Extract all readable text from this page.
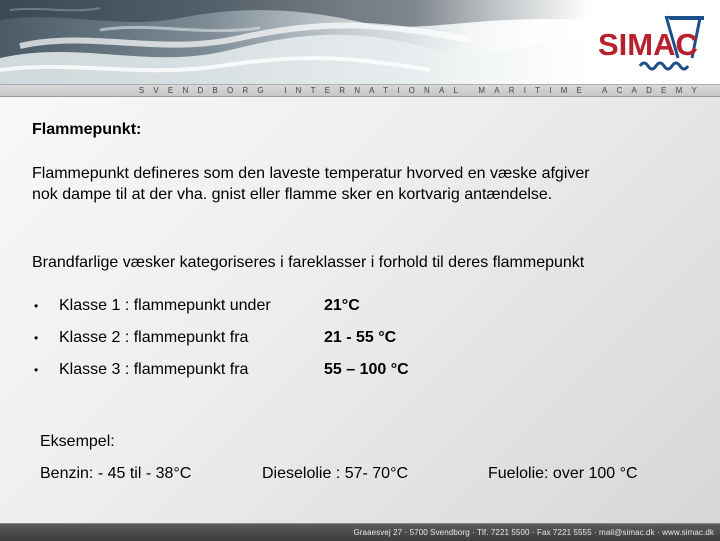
SIMAC
SVENDBORG INTERNATIONAL MARITIME ACADEMY
Flammepunkt:
Flammepunkt defineres som den laveste temperatur hvorved en væske afgiver nok dampe til at der vha. gnist eller flamme sker en kortvarig antændelse.
Brandfarlige væsker kategoriseres i fareklasser i forhold til deres flammepunkt
• Klasse 1 : flammepunkt under	21°C
• Klasse 2 : flammepunkt fra	21 - 55 °C
• Klasse 3 : flammepunkt fra	55 – 100 °C
Eksempel:
Benzin: - 45 til - 38°C	Dieselolie : 57- 70°C	Fuelolie: over 100 °C
Graaesvej 27 · 5700 Svendborg · Tlf. 7221 5500 · Fax 7221 5555 · mail@simac.dk · www.simac.dk
